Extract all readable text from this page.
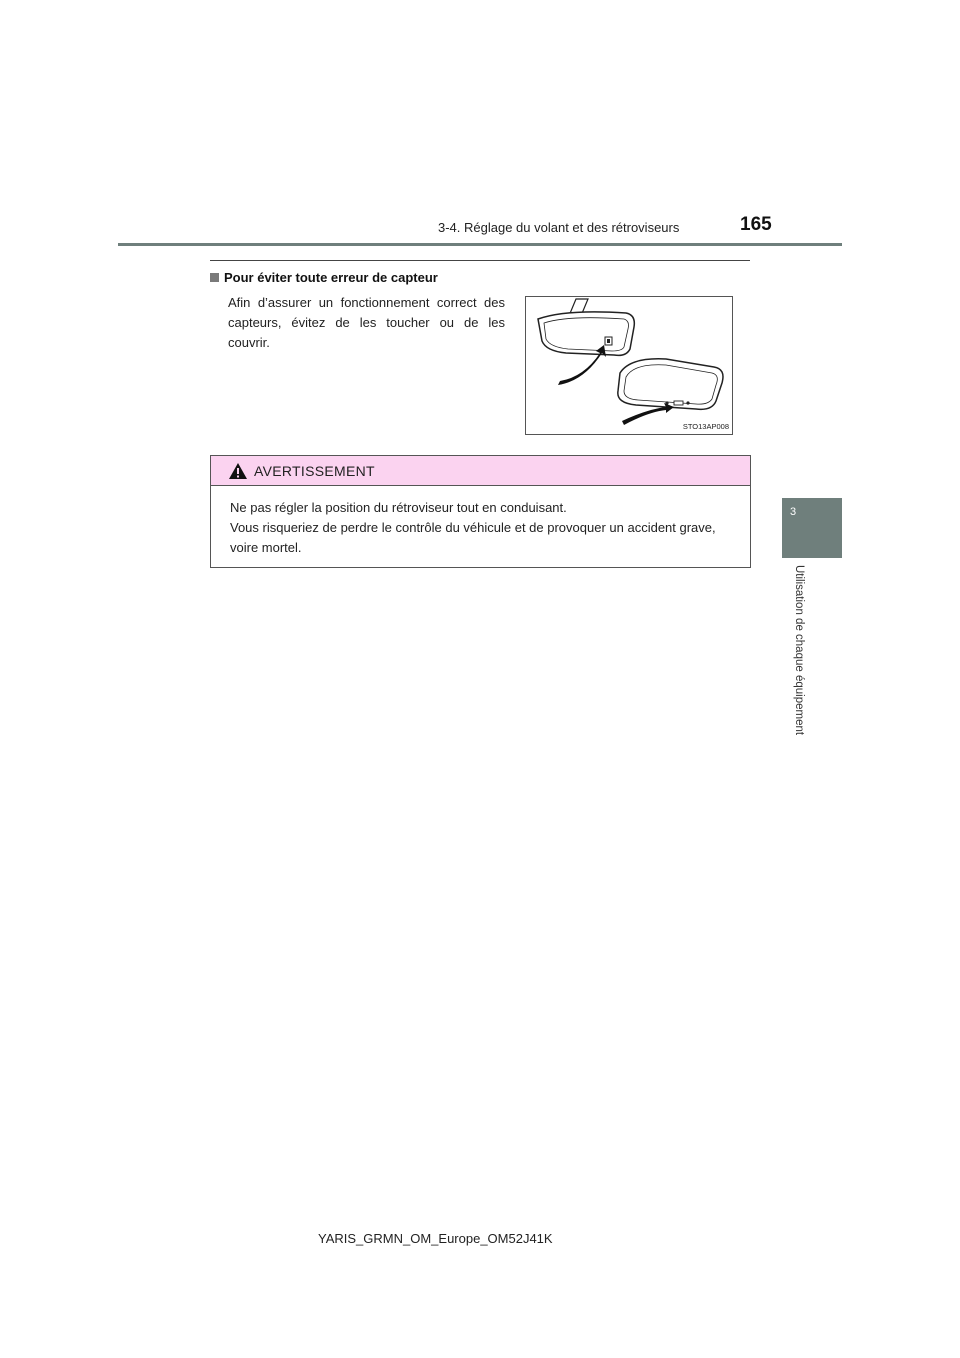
3-4. Réglage du volant et des rétroviseurs	165
3
Utilisation de chaque équipement
Pour éviter toute erreur de capteur
Afin d’assurer un fonctionnement correct des capteurs, évitez de les toucher ou de les couvrir.
STO13AP008
AVERTISSEMENT

Ne pas régler la position du rétroviseur tout en conduisant.

Vous risqueriez de perdre le contrôle du véhicule et de provoquer un accident grave, voire mortel.

YARIS_GRMN_OM_Europe_OM52J41K
